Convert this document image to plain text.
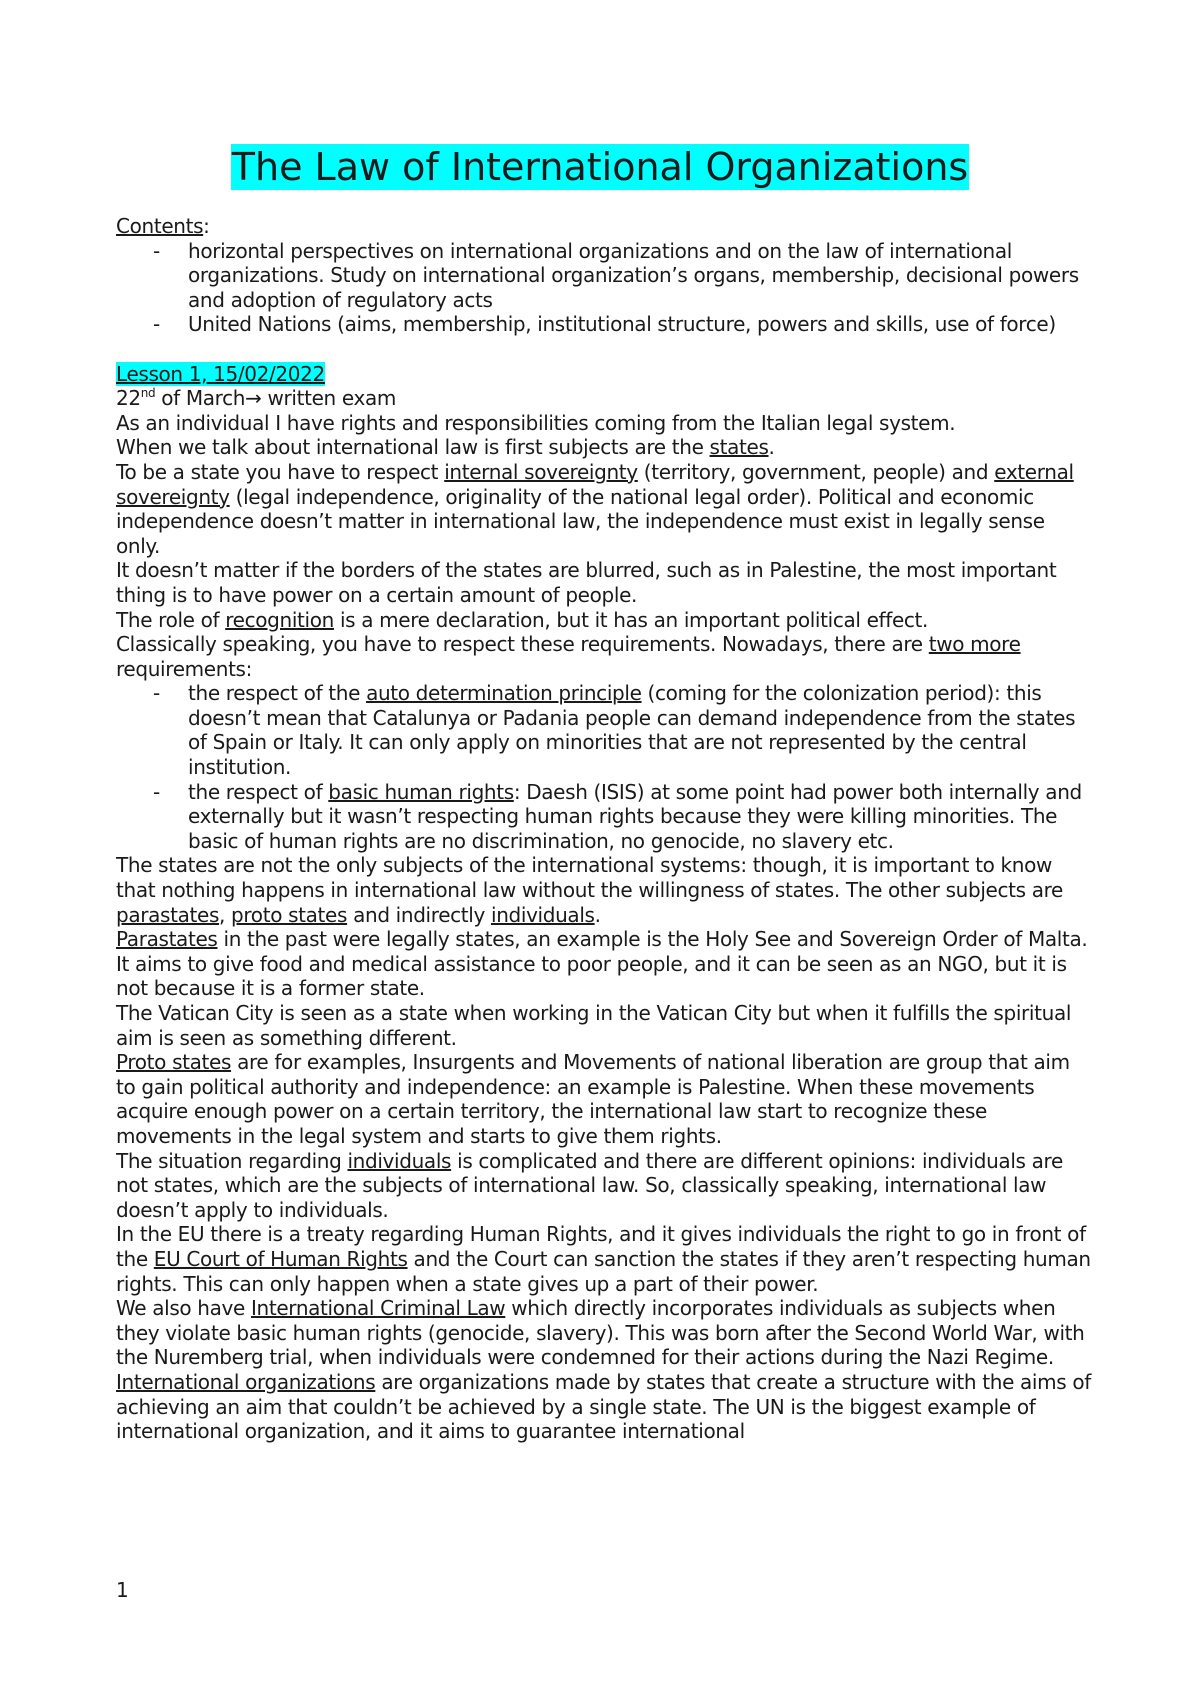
The Law of International Organizations

Contents:

- horizontal perspectives on international organizations and on the law of international organizations. Study on international organization’s organs, membership, decisional powers and adoption of regulatory acts
- United Nations (aims, membership, institutional structure, powers and skills, use of force)

Lesson 1, 15/02/2022

22nd of March→ written exam

As an individual I have rights and responsibilities coming from the Italian legal system.

When we talk about international law is first subjects are the states.

To be a state you have to respect internal sovereignty (territory, government, people) and external sovereignty (legal independence, originality of the national legal order). Political and economic independence doesn’t matter in international law, the independence must exist in legally sense only.

It doesn’t matter if the borders of the states are blurred, such as in Palestine, the most important thing is to have power on a certain amount of people.

The role of recognition is a mere declaration, but it has an important political effect.

Classically speaking, you have to respect these requirements. Nowadays, there are two more requirements:

- the respect of the auto determination principle (coming for the colonization period): this doesn’t mean that Catalunya or Padania people can demand independence from the states of Spain or Italy. It can only apply on minorities that are not represented by the central institution.
- the respect of basic human rights: Daesh (ISIS) at some point had power both internally and externally but it wasn’t respecting human rights because they were killing minorities. The basic of human rights are no discrimination, no genocide, no slavery etc.

The states are not the only subjects of the international systems: though, it is important to know that nothing happens in international law without the willingness of states. The other subjects are parastates, proto states and indirectly individuals.

Parastates in the past were legally states, an example is the Holy See and Sovereign Order of Malta. It aims to give food and medical assistance to poor people, and it can be seen as an NGO, but it is not because it is a former state.

The Vatican City is seen as a state when working in the Vatican City but when it fulfills the spiritual aim is seen as something different.

Proto states are for examples, Insurgents and Movements of national liberation are group that aim to gain political authority and independence: an example is Palestine. When these movements acquire enough power on a certain territory, the international law start to recognize these movements in the legal system and starts to give them rights.

The situation regarding individuals is complicated and there are different opinions: individuals are not states, which are the subjects of international law. So, classically speaking, international law doesn’t apply to individuals.

In the EU there is a treaty regarding Human Rights, and it gives individuals the right to go in front of the EU Court of Human Rights and the Court can sanction the states if they aren’t respecting human rights. This can only happen when a state gives up a part of their power.

We also have International Criminal Law which directly incorporates individuals as subjects when they violate basic human rights (genocide, slavery). This was born after the Second World War, with the Nuremberg trial, when individuals were condemned for their actions during the Nazi Regime.

International organizations are organizations made by states that create a structure with the aims of achieving an aim that couldn’t be achieved by a single state. The UN is the biggest example of international organization, and it aims to guarantee international

1
